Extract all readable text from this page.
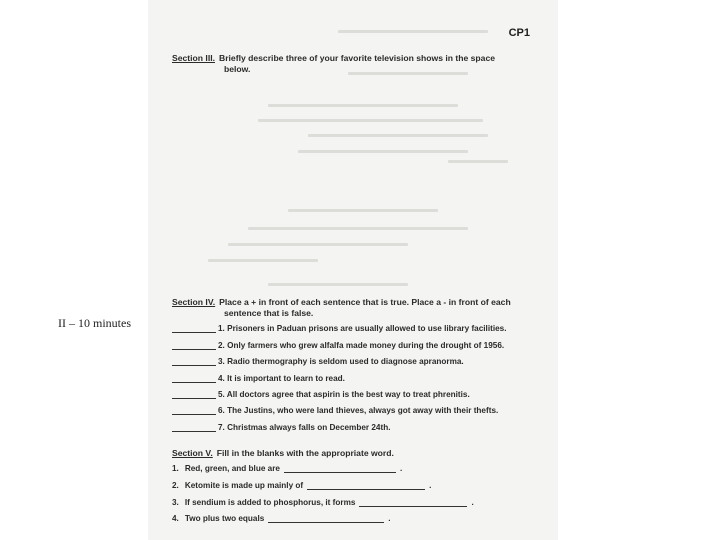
II – 10 minutes
CP1
Section III. Briefly describe three of your favorite television shows in the space
below.
Section IV. Place a + in front of each sentence that is true. Place a - in front of each
sentence that is false.
1. Prisoners in Paduan prisons are usually allowed to use library facilities.
2. Only farmers who grew alfalfa made money during the drought of 1956.
3. Radio thermography is seldom used to diagnose apranorma.
4. It is important to learn to read.
5. All doctors agree that aspirin is the best way to treat phrenitis.
6. The Justins, who were land thieves, always got away with their thefts.
7. Christmas always falls on December 24th.
Section V. Fill in the blanks with the appropriate word.
1. Red, green, and blue are	.
2. Ketomite is made up mainly of	.
3. If sendium is added to phosphorus, it forms	.
4. Two plus two equals	.
